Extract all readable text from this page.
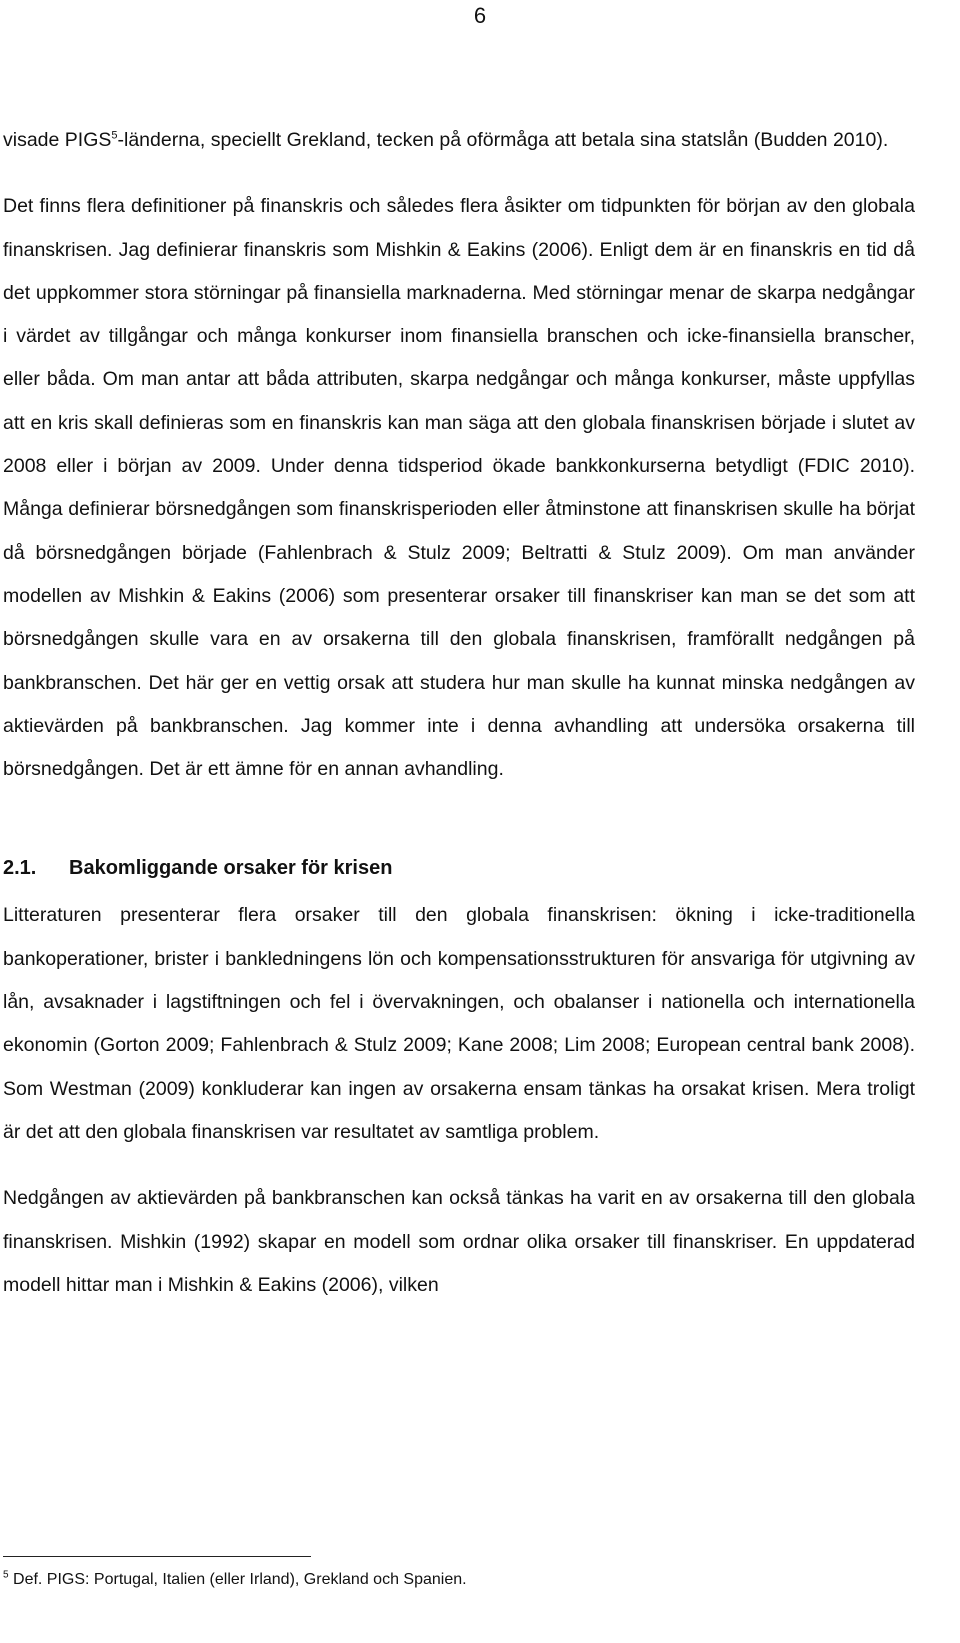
6

visade PIGS$^5$-länderna, speciellt Grekland, tecken på oförmåga att betala sina statslån (Budden 2010).

Det finns flera definitioner på finanskris och således flera åsikter om tidpunkten för början av den globala finanskrisen. Jag definierar finanskris som Mishkin & Eakins (2006). Enligt dem är en finanskris en tid då det uppkommer stora störningar på finansiella marknaderna. Med störningar menar de skarpa nedgångar i värdet av tillgångar och många konkurser inom finansiella branschen och icke-finansiella branscher, eller båda. Om man antar att båda attributen, skarpa nedgångar och många konkurser, måste uppfyllas att en kris skall definieras som en finanskris kan man säga att den globala finanskrisen började i slutet av 2008 eller i början av 2009. Under denna tidsperiod ökade bankkonkurserna betydligt (FDIC 2010). Många definierar börsnedgången som finanskrisperioden eller åtminstone att finanskrisen skulle ha börjat då börsnedgången började (Fahlenbrach & Stulz 2009; Beltratti & Stulz 2009). Om man använder modellen av Mishkin & Eakins (2006) som presenterar orsaker till finanskriser kan man se det som att börsnedgången skulle vara en av orsakerna till den globala finanskrisen, framförallt nedgången på bankbranschen. Det här ger en vettig orsak att studera hur man skulle ha kunnat minska nedgången av aktievärden på bankbranschen. Jag kommer inte i denna avhandling att undersöka orsakerna till börsnedgången. Det är ett ämne för en annan avhandling.

2.1. Bakomliggande orsaker för krisen

Litteraturen presenterar flera orsaker till den globala finanskrisen: ökning i icke-traditionella bankoperationer, brister i bankledningens lön och kompensationsstrukturen för ansvariga för utgivning av lån, avsaknader i lagstiftningen och fel i övervakningen, och obalanser i nationella och internationella ekonomin (Gorton 2009; Fahlenbrach & Stulz 2009; Kane 2008; Lim 2008; European central bank 2008). Som Westman (2009) konkluderar kan ingen av orsakerna ensam tänkas ha orsakat krisen. Mera troligt är det att den globala finanskrisen var resultatet av samtliga problem.

Nedgången av aktievärden på bankbranschen kan också tänkas ha varit en av orsakerna till den globala finanskrisen. Mishkin (1992) skapar en modell som ordnar olika orsaker till finanskriser. En uppdaterad modell hittar man i Mishkin & Eakins (2006), vilken

$^5$ Def. PIGS: Portugal, Italien (eller Irland), Grekland och Spanien.
